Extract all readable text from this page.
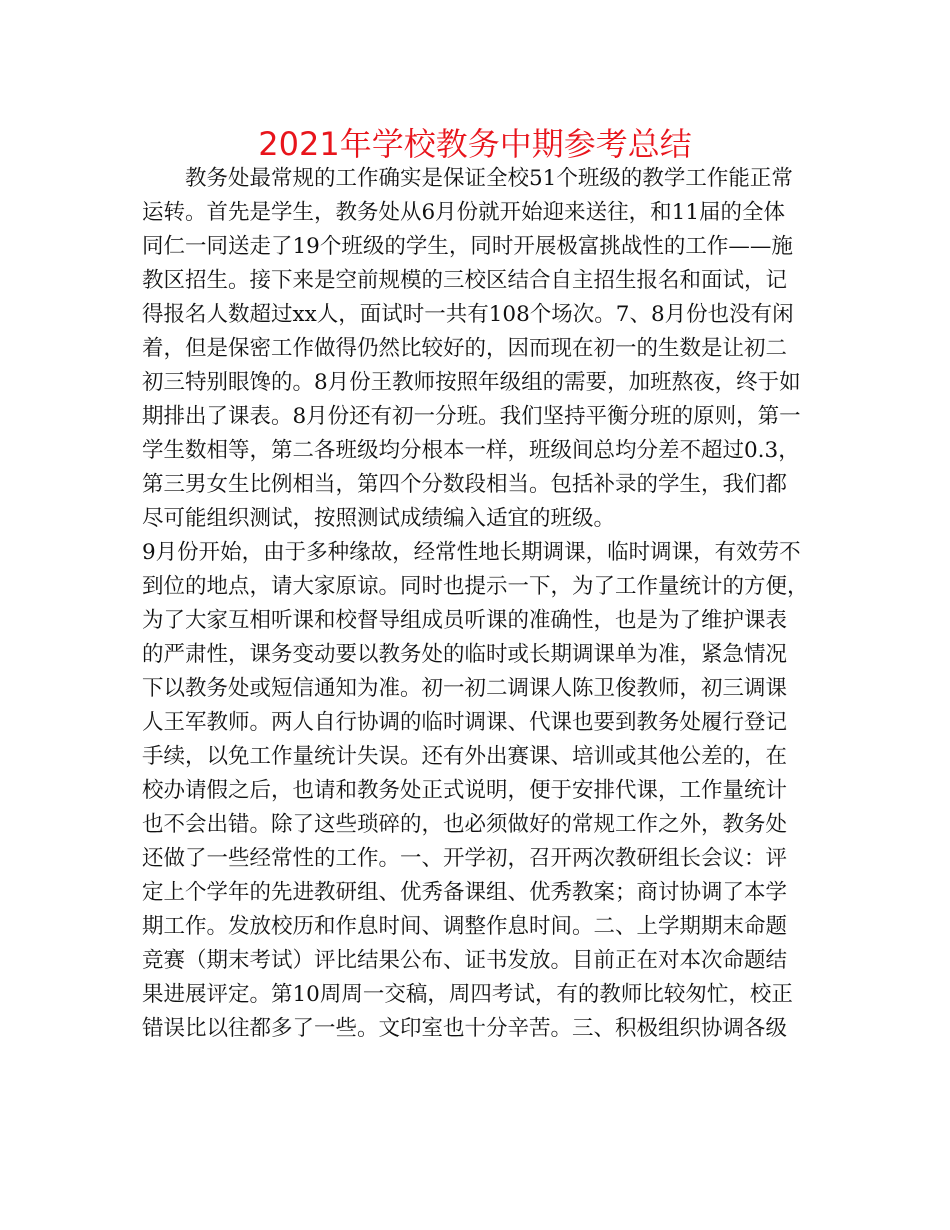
2021年学校教务中期参考总结

教务处最常规的工作确实是保证全校51个班级的教学工作能正常

运转。首先是学生，教务处从6月份就开始迎来送往，和11届的全体

同仁一同送走了19个班级的学生，同时开展极富挑战性的工作——施

教区招生。接下来是空前规模的三校区结合自主招生报名和面试，记

得报名人数超过xx人，面试时一共有108个场次。7、8月份也没有闲

着，但是保密工作做得仍然比较好的，因而现在初一的生数是让初二

初三特别眼馋的。8月份王教师按照年级组的需要，加班熬夜，终于如

期排出了课表。8月份还有初一分班。我们坚持平衡分班的原则，第一

学生数相等，第二各班级均分根本一样，班级间总均分差不超过0.3，

第三男女生比例相当，第四个分数段相当。包括补录的学生，我们都

尽可能组织测试，按照测试成绩编入适宜的班级。

9月份开始，由于多种缘故，经常性地长期调课，临时调课，有效劳不

到位的地点，请大家原谅。同时也提示一下，为了工作量统计的方便，

为了大家互相听课和校督导组成员听课的准确性，也是为了维护课表

的严肃性，课务变动要以教务处的临时或长期调课单为准，紧急情况

下以教务处或短信通知为准。初一初二调课人陈卫俊教师，初三调课

人王军教师。两人自行协调的临时调课、代课也要到教务处履行登记

手续，以免工作量统计失误。还有外出赛课、培训或其他公差的，在

校办请假之后，也请和教务处正式说明，便于安排代课，工作量统计

也不会出错。除了这些琐碎的，也必须做好的常规工作之外，教务处

还做了一些经常性的工作。一、开学初，召开两次教研组长会议：评

定上个学年的先进教研组、优秀备课组、优秀教案；商讨协调了本学

期工作。发放校历和作息时间、调整作息时间。二、上学期期末命题

竞赛（期末考试）评比结果公布、证书发放。目前正在对本次命题结

果进展评定。第10周周一交稿，周四考试，有的教师比较匆忙，校正

错误比以往都多了一些。文印室也十分辛苦。三、积极组织协调各级
